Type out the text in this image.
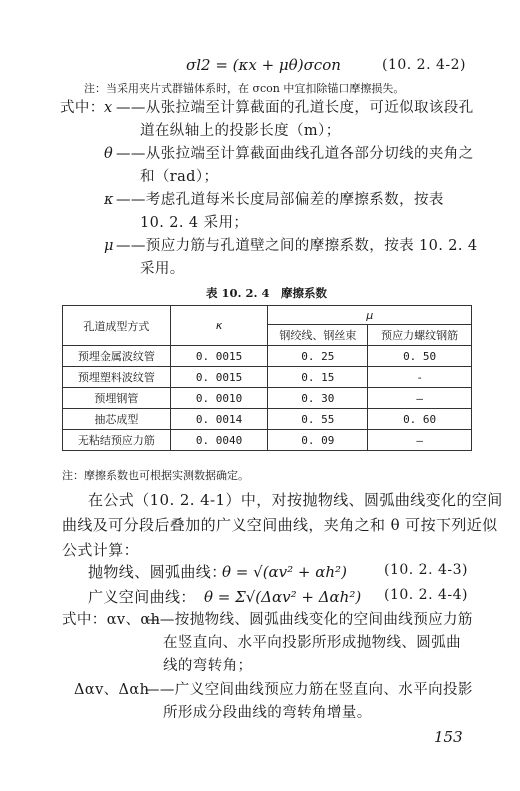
σl2 = (κx + μθ)σcon	(10. 2. 4-2)
注：当采用夹片式群锚体系时，在 σcon 中宜扣除锚口摩擦损失。
式中： x ——从张拉端至计算截面的孔道长度，可近似取该段孔
道在纵轴上的投影长度（m）；
θ ——从张拉端至计算截面曲线孔道各部分切线的夹角之
和（rad）；
κ ——考虑孔道每米长度局部偏差的摩擦系数，按表
10. 2. 4 采用；
μ ——预应力筋与孔道壁之间的摩擦系数，按表 10. 2. 4
采用。
表 10. 2. 4　摩擦系数
孔道成型方式	κ	μ	
		钢绞线、钢丝束	预应力螺纹钢筋
预埋金属波纹管	0. 0015	0. 25	0. 50
预埋塑料波纹管	0. 0015	0. 15	-
预埋钢管	0. 0010	0. 30	—
抽芯成型	0. 0014	0. 55	0. 60
无粘结预应力筋	0. 0040	0. 09	—
注：摩擦系数也可根据实测数据确定。
在公式（10. 2. 4-1）中，对按抛物线、圆弧曲线变化的空间
曲线及可分段后叠加的广义空间曲线，夹角之和 θ 可按下列近似
公式计算：
抛物线、圆弧曲线：
θ = √(αv² + αh²)	(10. 2. 4-3)
广义空间曲线： θ = Σ√(Δαv² + Δαh²) (10. 2. 4-4)
式中：αv、αh
——按抛物线、圆弧曲线变化的空间曲线预应力筋
在竖直向、水平向投影所形成抛物线、圆弧曲
线的弯转角；
Δαv、Δαh
——广义空间曲线预应力筋在竖直向、水平向投影
所形成分段曲线的弯转角增量。
153
